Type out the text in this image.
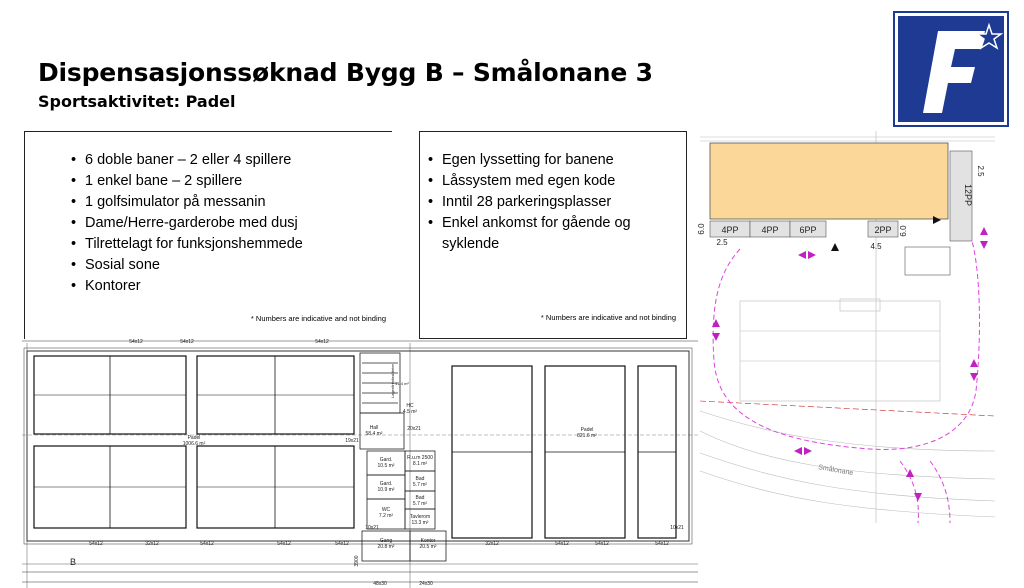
Dispensasjonssøknad Bygg B – Smålonane 3
Sportsaktivitet: Padel
• 6 doble baner – 2 eller 4 spillere
• 1 enkel bane – 2 spillere
• 1 golfsimulator på messanin
• Dame/Herre-garderobe med dusj
• Tilrettelagt for funksjonshemmede
• Sosial sone
• Kontorer
* Numbers are indicative and not binding
• Egen lyssetting for banene
• Låssystem med egen kode
• Inntil 28 parkeringsplasser
• Enkel ankomst for gående og syklende
* Numbers are indicative and not binding
54x12	54x12	54x12
54x12	32x12	54x12	54x12	54x12	32x12	54x12	54x12	54x12
10x21
20x21
19x21
10x21
3900
48x30	24x30
B
Padel
1006.6 m²
Padel
821.6 m²
Hall
58.4 m²
Lager/trimfasiliteter 41.4 m²
Gard.
10.5 m²
Gard.
10.9 m²
R.u.m 2500
8.1 m²
Bad
5.7 m²
Bad
5.7 m²
WC
7.2 m²	Tavlerom
13.3 m²
Gang
20.8 m²
Kontor
20.5 m²
HC
4.5 m²
4PP	4PP 6PP	2PP
12PP
2.5
2.5	4.5
6.0
6.0
Smålonane
